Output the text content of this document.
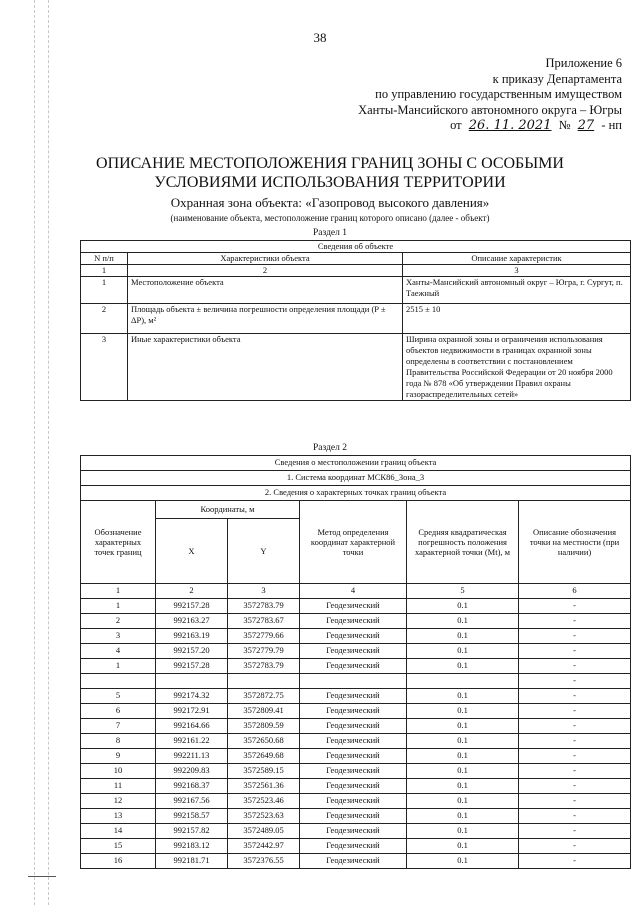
38
Приложение 6
к приказу Департамента
по управлению государственным имуществом
Ханты-Мансийского автономного округа – Югры
от 26. 11. 2021 № 27 - нп
ОПИСАНИЕ МЕСТОПОЛОЖЕНИЯ ГРАНИЦ ЗОНЫ С ОСОБЫМИ
УСЛОВИЯМИ ИСПОЛЬЗОВАНИЯ ТЕРРИТОРИИ
Охранная зона объекта: «Газопровод высокого давления»
(наименование объекта, местоположение границ которого описано (далее - объект)
Раздел 1
Сведения об объекте		
N п/п	Характеристики объекта	Описание характеристик
1	2	3
1	Местоположение объекта	Ханты-Мансийский автономный округ – Югра, г. Сургут, п. Таежный
2	Площадь объекта ± величина погрешности определения площади (P ± ΔP), м²	2515 ± 10
3	Иные характеристики объекта	Ширина охранной зоны и ограничения использования объектов недвижимости в границах охранной зоны определены в соответствии с постановлением Правительства Российской Федерации от 20 ноября 2000 года № 878 «Об утверждении Правил охраны газораспределительных сетей»
Раздел 2
Сведения о местоположении границ объекта					
1. Система координат МСК86_Зона_3					
2. Сведения о характерных точках границ объекта					
Обозначение характерных точек границ	Координаты, м		Метод определения координат характерной точки	Средняя квадратическая погрешность положения характерной точки (Mt), м	Описание обозначения точки на местности (при наличии)
	X	Y			
1	2	3	4	5	6
1	992157.28	3572783.79	Геодезический	0.1	-
2	992163.27	3572783.67	Геодезический	0.1	-
3	992163.19	3572779.66	Геодезический	0.1	-
4	992157.20	3572779.79	Геодезический	0.1	-
1	992157.28	3572783.79	Геодезический	0.1	-
					-
5	992174.32	3572872.75	Геодезический	0.1	-
6	992172.91	3572809.41	Геодезический	0.1	-
7	992164.66	3572809.59	Геодезический	0.1	-
8	992161.22	3572650.68	Геодезический	0.1	-
9	992211.13	3572649.68	Геодезический	0.1	-
10	992209.83	3572589.15	Геодезический	0.1	-
11	992168.37	3572561.36	Геодезический	0.1	-
12	992167.56	3572523.46	Геодезический	0.1	-
13	992158.57	3572523.63	Геодезический	0.1	-
14	992157.82	3572489.05	Геодезический	0.1	-
15	992183.12	3572442.97	Геодезический	0.1	-
16	992181.71	3572376.55	Геодезический	0.1	-
